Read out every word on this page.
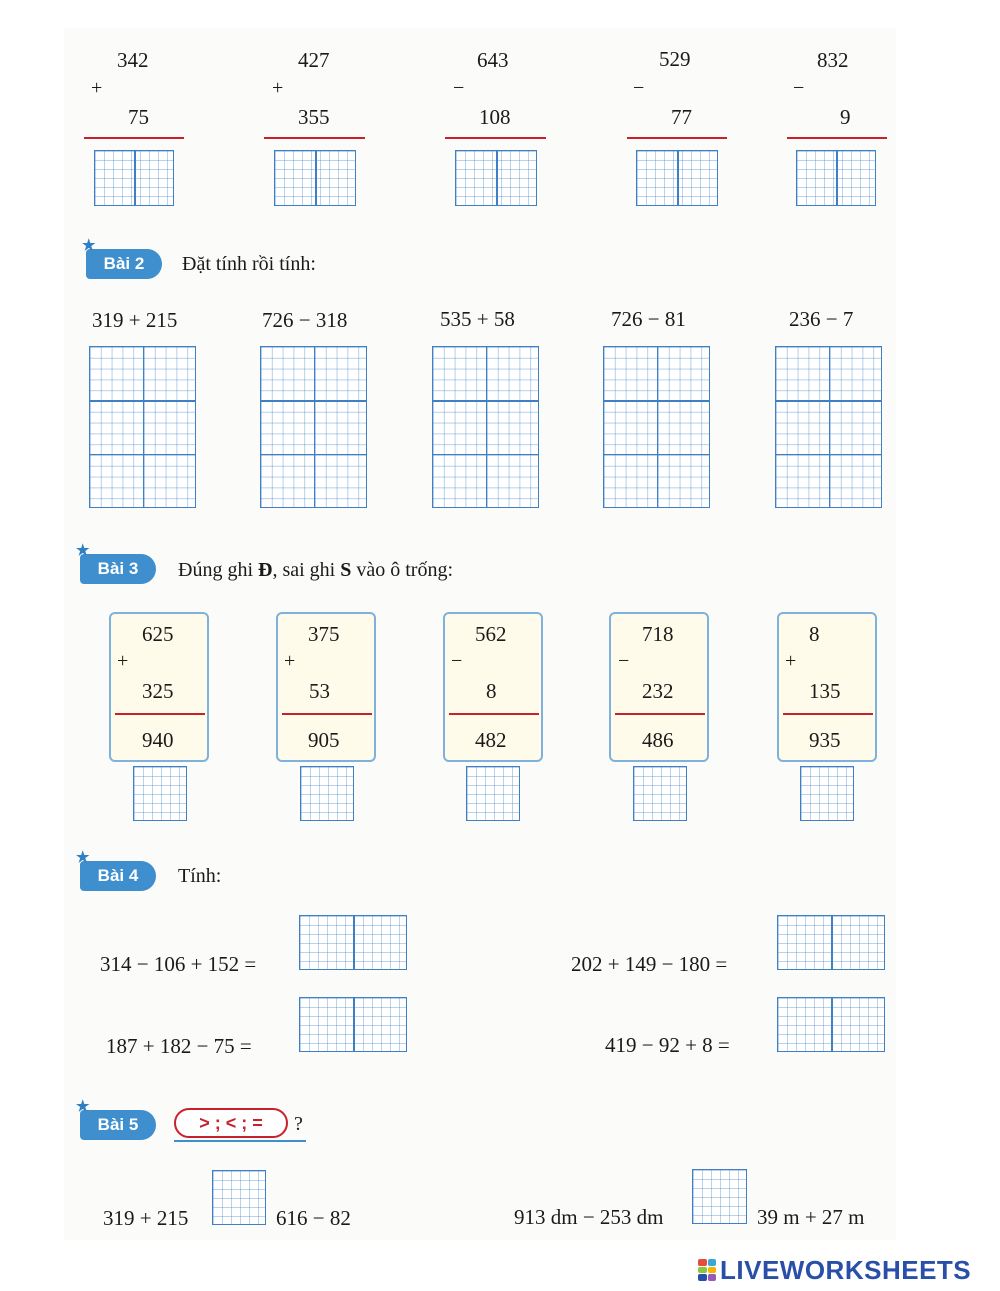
342
+
75
427
+
355
643
−
108
529
−
77
832
−
9
★
Bài 2	Đặt tính rồi tính:
319 + 215	726 − 318	535 + 58	726 − 81	236 − 7
★
Bài 3	Đúng ghi Đ, sai ghi S vào ô trống:
625
+
325
940
375
+
53
905
562
−
8
482
718
−
232
486
8
+
135
935
★
Bài 4	Tính:
314 − 106 + 152 =	202 + 149 − 180 =
187 + 182 − 75 =	419 − 92 + 8 =
★
Bài 5	> ; < ; =	?
319 + 215	616 − 82	913 dm − 253 dm	39 m + 27 m
LIVEWORKSHEETS
